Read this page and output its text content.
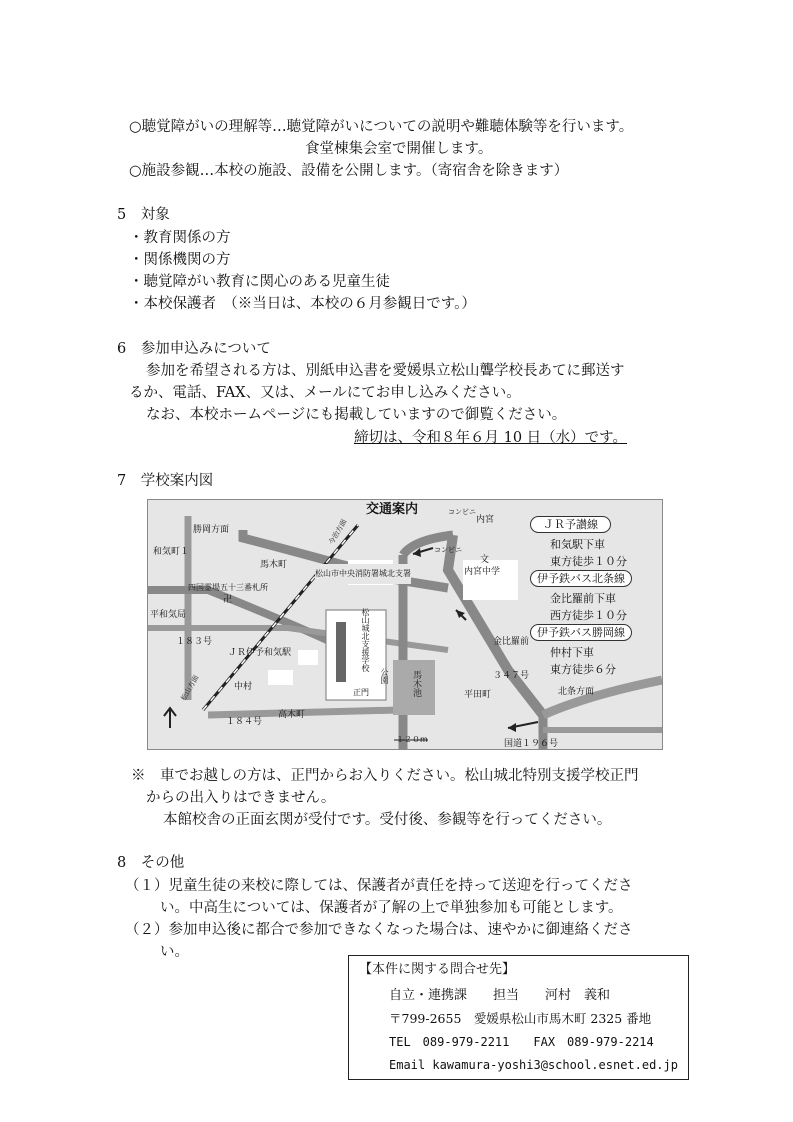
○聴覚障がいの理解等…聴覚障がいについての説明や難聴体験等を行います。
食堂棟集会室で開催します。
○施設参観…本校の施設、設備を公開します。（寄宿舎を除きます）
5　対象
・教育関係の方
・関係機関の方
・聴覚障がい教育に関心のある児童生徒
・本校保護者　（※当日は、本校の６月参観日です。）
6　参加申込みについて
参加を希望される方は、別紙申込書を愛媛県立松山聾学校長あてに郵送す
るか、電話、FAX、又は、メールにてお申し込みください。
なお、本校ホームページにも掲載していますので御覧ください。
締切は、令和８年６月 10 日（水）です。
7　学校案内図
交通案内
勝岡方面
和気町１
馬木町
四国霊場五十三番札所
平和気局
１８３号
ＪＲ伊予和気駅
中村
１８４号
高木町
松山市中央消防署城北支署
松山城北支援学校
公園 馬木池
正門
内宮
文
内宮中学
コンビニ
コンビニ
金比羅前
３４７号
平田町	北条方面
国道１９６号
１２０m
今治方面
松山方面
卍
ＪＲ予讃線
和気駅下車
東方徒歩１０分
伊予鉄バス北条線
金比羅前下車
西方徒歩１０分
伊予鉄バス勝岡線
仲村下車
東方徒歩６分
※　車でお越しの方は、正門からお入りください。松山城北特別支援学校正門
からの出入りはできません。
本館校舎の正面玄関が受付です。受付後、参観等を行ってください。
8　その他
（１）児童生徒の来校に際しては、保護者が責任を持って送迎を行ってくださ
い。中高生については、保護者が了解の上で単独参加も可能とします。
（２）参加申込後に都合で参加できなくなった場合は、速やかに御連絡くださ
い。
【本件に関する問合せ先】
自立・連携課　　担当　　河村　義和
〒799-2655　愛媛県松山市馬木町 2325 番地
TEL　089-979-2211　　FAX　089-979-2214
Email kawamura-yoshi3@school.esnet.ed.jp
